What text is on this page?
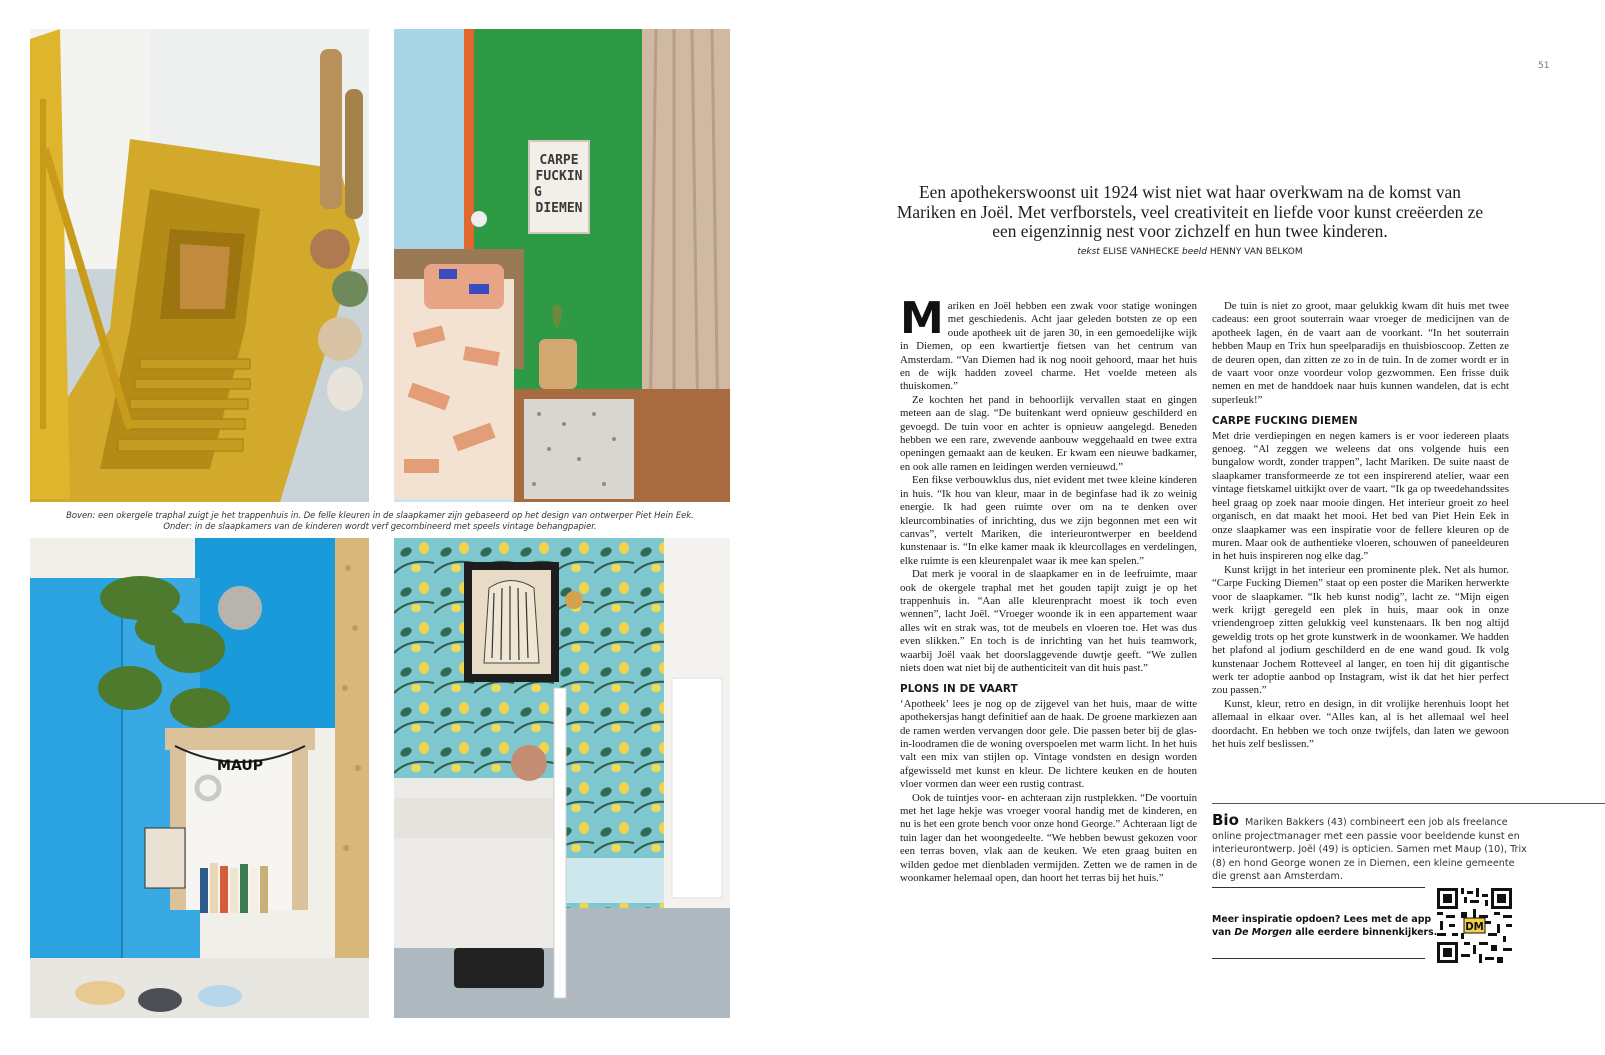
CARPE
FUCKIN
G
DIEMEN
Boven: een okergele traphal zuigt je het trappenhuis in. De felle kleuren in de slaapkamer zijn gebaseerd op het design van ontwerper Piet Hein Eek.
Onder: in de slaapkamers van de kinderen wordt verf gecombineerd met speels vintage behangpapier.
MAUP
51
Een apothekerswoonst uit 1924 wist niet wat haar overkwam na de komst van Mariken en Joël. Met verfborstels, veel creativiteit en liefde voor kunst creëerden ze een eigenzinnig nest voor zichzelf en hun twee kinderen.
tekst ELISE VANHECKE beeld HENNY VAN BELKOM

Mariken en Joël hebben een zwak voor statige woningen met geschiedenis. Acht jaar geleden botsten ze op een oude apotheek uit de jaren 30, in een gemoedelijke wijk in Diemen, op een kwartiertje fietsen van het centrum van Amsterdam. “Van Diemen had ik nog nooit gehoord, maar het huis en de wijk hadden zoveel charme. Het voelde meteen als thuiskomen.”

Ze kochten het pand in behoorlijk vervallen staat en gingen meteen aan de slag. “De buitenkant werd opnieuw geschilderd en gevoegd. De tuin voor en achter is opnieuw aangelegd. Beneden hebben we een rare, zwevende aanbouw weggehaald en twee extra openingen gemaakt aan de keuken. Er kwam een nieuwe badkamer, en ook alle ramen en leidingen werden vernieuwd.”

Een fikse verbouwklus dus, niet evident met twee kleine kinderen in huis. “Ik hou van kleur, maar in de beginfase had ik zo weinig energie. Ik had geen ruimte over om na te denken over kleurcombinaties of inrichting, dus we zijn begonnen met een wit canvas”, vertelt Mariken, die interieurontwerper en beeldend kunstenaar is. “In elke kamer maak ik kleurcollages en verdelingen, elke ruimte is een kleurenpalet waar ik mee kan spelen.”

Dat merk je vooral in de slaapkamer en in de leefruimte, maar ook de okergele traphal met het gouden tapijt zuigt je op het trappenhuis in. “Aan alle kleurenpracht moest ik toch even wennen”, lacht Joël. “Vroeger woonde ik in een appartement waar alles wit en strak was, tot de meubels en vloeren toe. Het was dus even slikken.” En toch is de inrichting van het huis teamwork, waarbij Joël vaak het doorslaggevende duwtje geeft. “We zullen niets doen wat niet bij de authenticiteit van dit huis past.”

PLONS IN DE VAART

‘Apotheek’ lees je nog op de zijgevel van het huis, maar de witte apothekersjas hangt definitief aan de haak. De groene markiezen aan de ramen werden vervangen door gele. Die passen beter bij de glas-in-loodramen die de woning overspoelen met warm licht. In het huis valt een mix van stijlen op. Vintage vondsten en design worden afgewisseld met kunst en kleur. De lichtere keuken en de houten vloer vormen dan weer een rustig contrast.

Ook de tuintjes voor- en achteraan zijn rustplekken. “De voortuin met het lage hekje was vroeger vooral handig met de kinderen, en nu is het een grote bench voor onze hond George.” Achteraan ligt de tuin lager dan het woongedeelte. “We hebben bewust gekozen voor een terras boven, vlak aan de keuken. We eten graag buiten en wilden gedoe met dienbladen vermijden. Zetten we de ramen in de woonkamer helemaal open, dan hoort het terras bij het huis.”

De tuin is niet zo groot, maar gelukkig kwam dit huis met twee cadeaus: een groot souterrain waar vroeger de medicijnen van de apotheek lagen, én de vaart aan de voorkant. “In het souterrain hebben Maup en Trix hun speelparadijs en thuisbioscoop. Zetten ze de deuren open, dan zitten ze zo in de tuin. In de zomer wordt er in de vaart voor onze voordeur volop gezwommen. Een frisse duik nemen en met de handdoek naar huis kunnen wandelen, dat is echt superleuk!”

CARPE FUCKING DIEMEN

Met drie verdiepingen en negen kamers is er voor iedereen plaats genoeg. “Al zeggen we weleens dat ons volgende huis een bungalow wordt, zonder trappen”, lacht Mariken. De suite naast de slaapkamer transformeerde ze tot een inspirerend atelier, waar een vintage fietskamel uitkijkt over de vaart. “Ik ga op tweedehandssites heel graag op zoek naar mooie dingen. Het interieur groeit zo heel organisch, en dat maakt het mooi. Het bed van Piet Hein Eek in onze slaapkamer was een inspiratie voor de fellere kleuren op de muren. Maar ook de authentieke vloeren, schouwen of paneeldeuren in het huis inspireren nog elke dag.”

Kunst krijgt in het interieur een prominente plek. Net als humor. “Carpe Fucking Diemen” staat op een poster die Mariken herwerkte voor de slaapkamer. “Ik heb kunst nodig”, lacht ze. “Mijn eigen werk krijgt geregeld een plek in huis, maar ook in onze vriendengroep zitten gelukkig veel kunstenaars. Ik ben nog altijd geweldig trots op het grote kunstwerk in de woonkamer. We hadden het plafond al jodium geschilderd en de ene wand goud. Ik volg kunstenaar Jochem Rotteveel al langer, en toen hij dit gigantische werk ter adoptie aanbod op Instagram, wist ik dat het hier perfect zou passen.”

Kunst, kleur, retro en design, in dit vrolijke herenhuis loopt het allemaal in elkaar over. “Alles kan, al is het allemaal wel heel doordacht. En hebben we toch onze twijfels, dan laten we gewoon het huis zelf beslissen.”

Bio Mariken Bakkers (43) combineert een job als freelance online projectmanager met een passie voor beeldende kunst en interieurontwerp. Joël (49) is opticien. Samen met Maup (10), Trix (8) en hond George wonen ze in Diemen, een kleine gemeente die grenst aan Amsterdam.
Meer inspiratie opdoen? Lees met de app van De Morgen alle eerdere binnenkijkers.	DM
